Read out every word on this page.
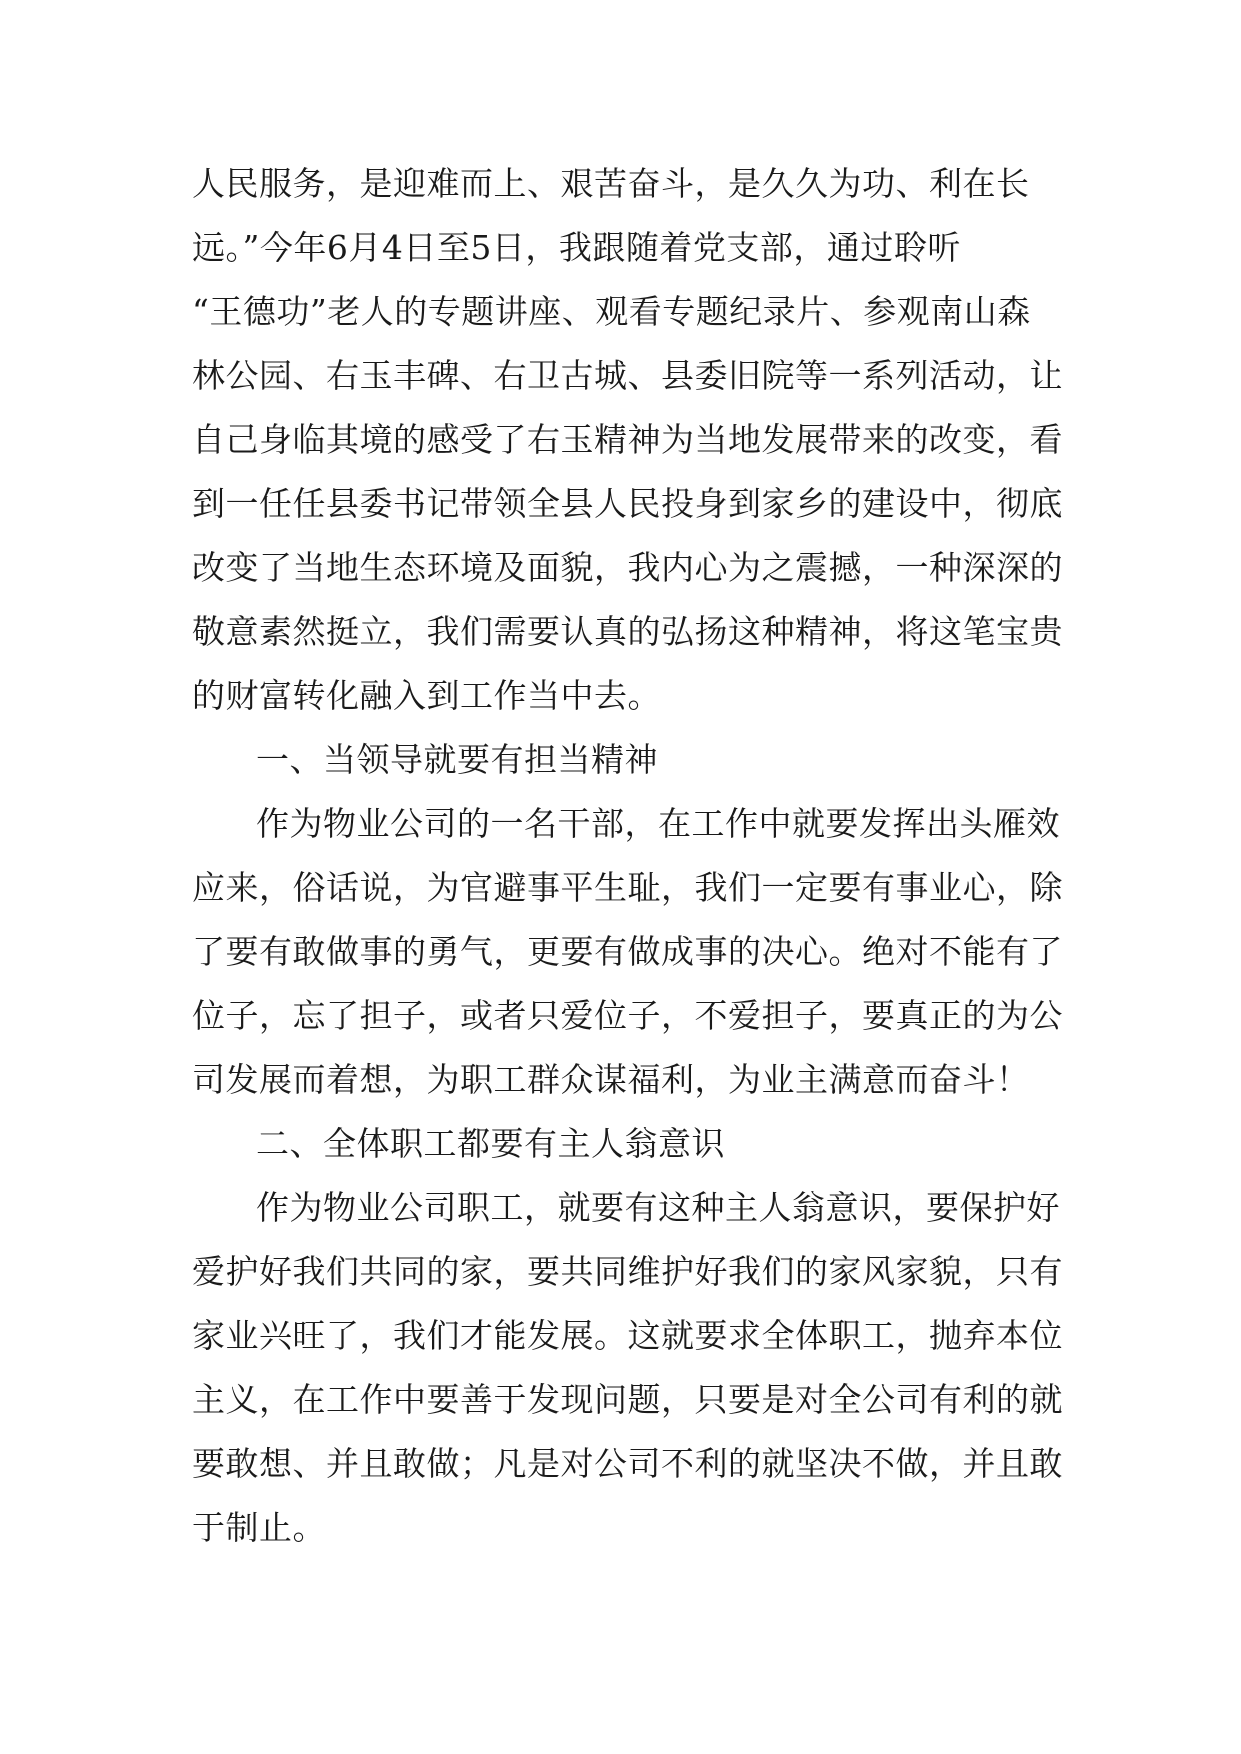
人民服务，是迎难而上、艰苦奋斗，是久久为功、利在长
远。”今年6月4日至5日，我跟随着党支部，通过聆听
“王德功”老人的专题讲座、观看专题纪录片、参观南山森
林公园、右玉丰碑、右卫古城、县委旧院等一系列活动，让
自己身临其境的感受了右玉精神为当地发展带来的改变，看
到一任任县委书记带领全县人民投身到家乡的建设中，彻底
改变了当地生态环境及面貌，我内心为之震撼，一种深深的
敬意素然挺立，我们需要认真的弘扬这种精神，将这笔宝贵
的财富转化融入到工作当中去。
一、当领导就要有担当精神
作为物业公司的一名干部，在工作中就要发挥出头雁效
应来，俗话说，为官避事平生耻，我们一定要有事业心，除
了要有敢做事的勇气，更要有做成事的决心。绝对不能有了
位子，忘了担子，或者只爱位子，不爱担子，要真正的为公
司发展而着想，为职工群众谋福利，为业主满意而奋斗！
二、全体职工都要有主人翁意识
作为物业公司职工，就要有这种主人翁意识，要保护好
爱护好我们共同的家，要共同维护好我们的家风家貌，只有
家业兴旺了，我们才能发展。这就要求全体职工，抛弃本位
主义，在工作中要善于发现问题，只要是对全公司有利的就
要敢想、并且敢做；凡是对公司不利的就坚决不做，并且敢
于制止。
